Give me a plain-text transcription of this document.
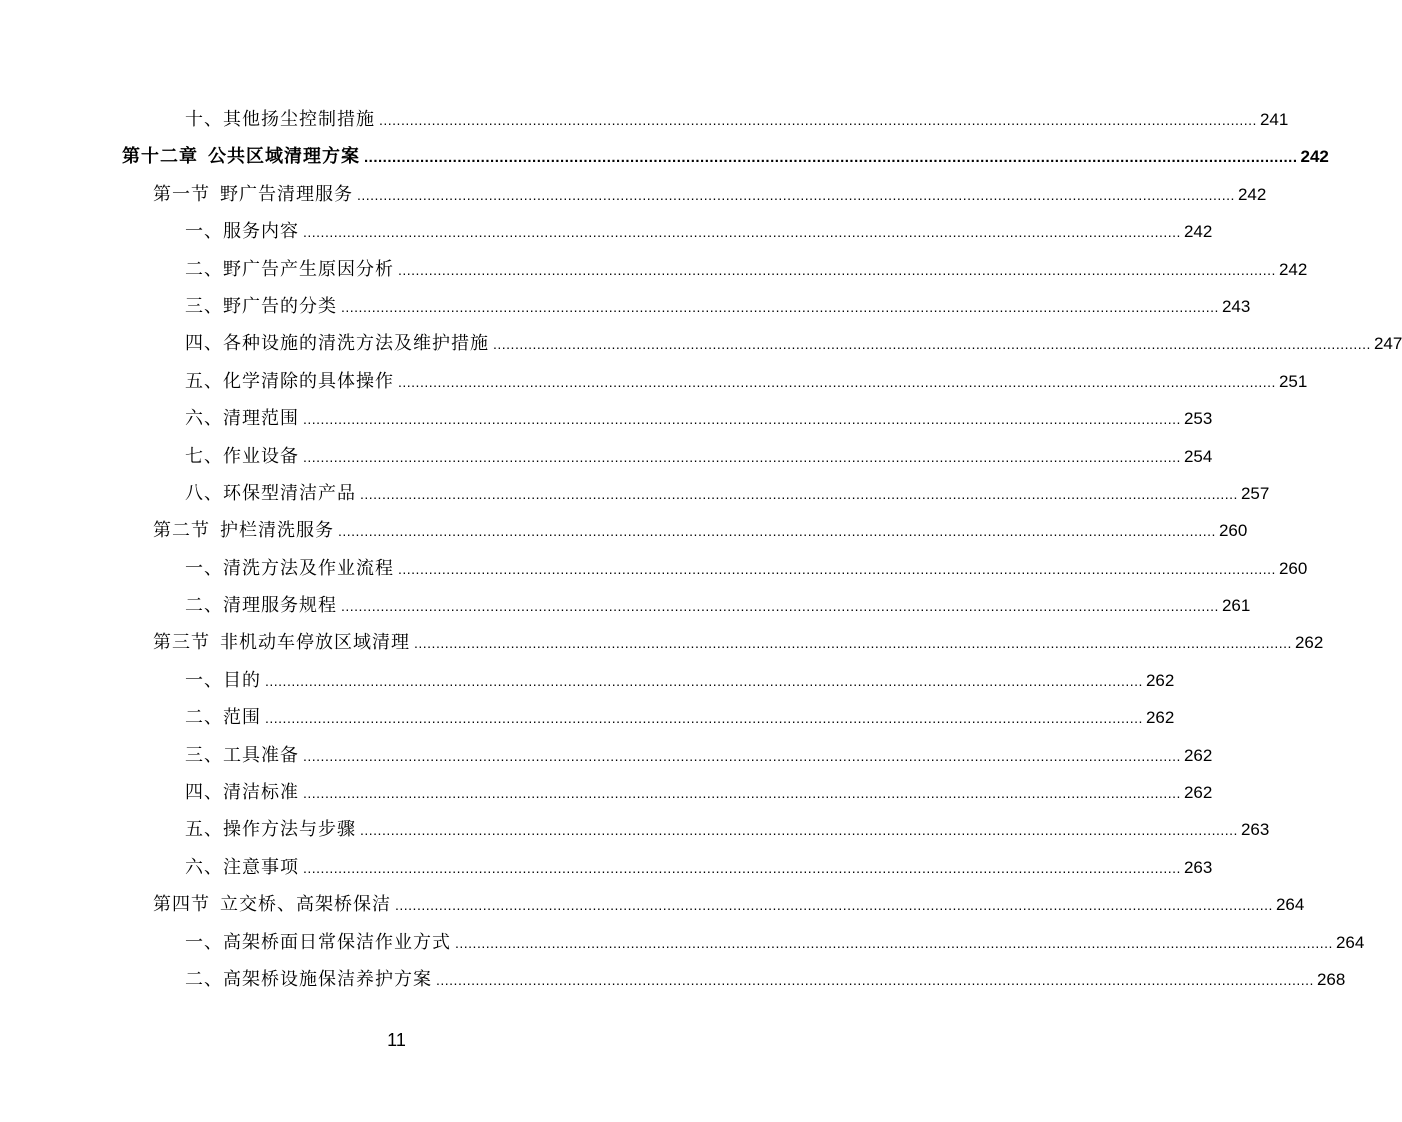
十、其他扬尘控制措施 ........................................................................................................................................................................................................ 241
第十二章 公共区域清理方案 ........................................................................................................................................................................................................ 242
第一节 野广告清理服务 ........................................................................................................................................................................................................ 242
一、服务内容 ........................................................................................................................................................................................................ 242
二、野广告产生原因分析 ........................................................................................................................................................................................................ 242
三、野广告的分类 ........................................................................................................................................................................................................ 243
四、各种设施的清洗方法及维护措施 ........................................................................................................................................................................................................ 247
五、化学清除的具体操作 ........................................................................................................................................................................................................ 251
六、清理范围 ........................................................................................................................................................................................................ 253
七、作业设备 ........................................................................................................................................................................................................ 254
八、环保型清洁产品 ........................................................................................................................................................................................................ 257
第二节 护栏清洗服务 ........................................................................................................................................................................................................ 260
一、清洗方法及作业流程 ........................................................................................................................................................................................................ 260
二、清理服务规程 ........................................................................................................................................................................................................ 261
第三节 非机动车停放区域清理 ........................................................................................................................................................................................................ 262
一、目的 ........................................................................................................................................................................................................ 262
二、范围 ........................................................................................................................................................................................................ 262
三、工具准备 ........................................................................................................................................................................................................ 262
四、清洁标准 ........................................................................................................................................................................................................ 262
五、操作方法与步骤 ........................................................................................................................................................................................................ 263
六、注意事项 ........................................................................................................................................................................................................ 263
第四节 立交桥、高架桥保洁 ........................................................................................................................................................................................................ 264
一、高架桥面日常保洁作业方式 ........................................................................................................................................................................................................ 264
二、高架桥设施保洁养护方案 ........................................................................................................................................................................................................ 268
11
